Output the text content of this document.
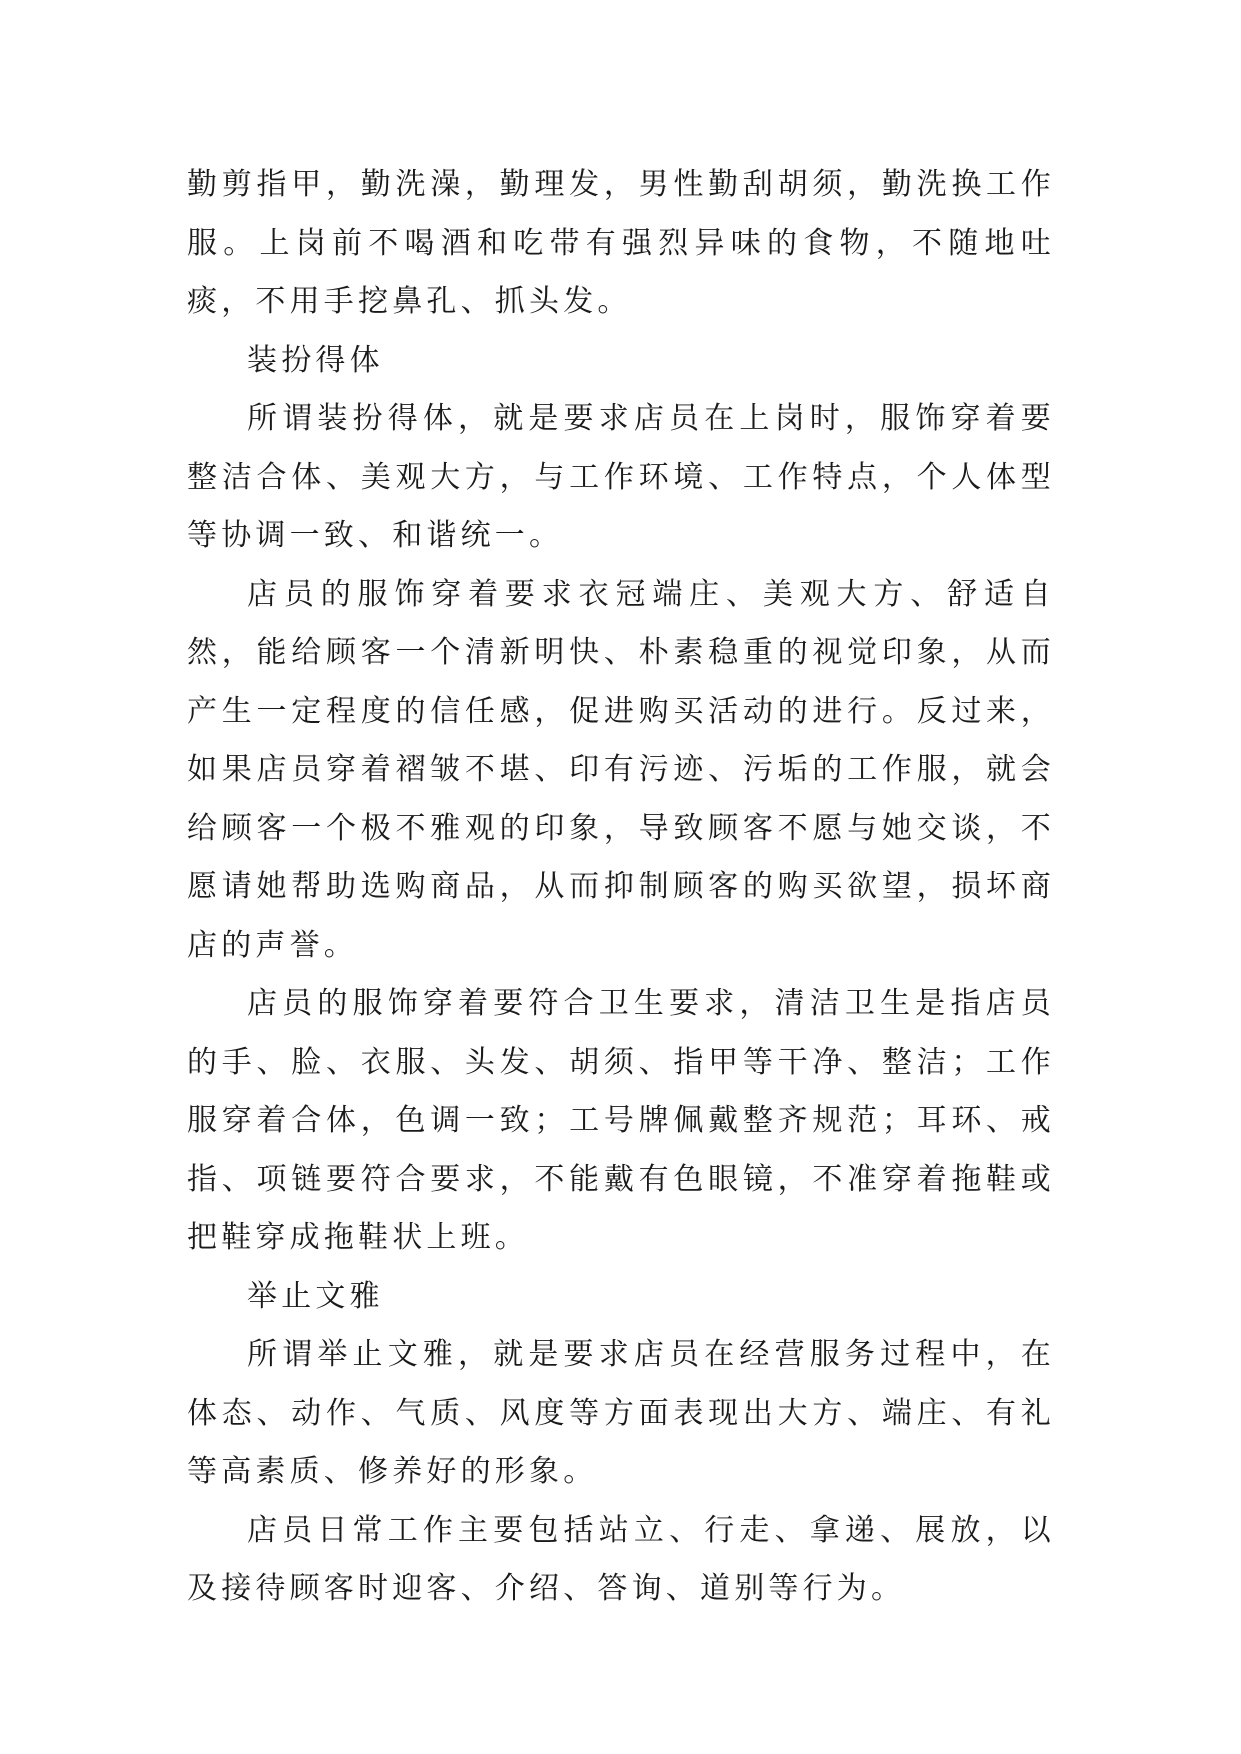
勤剪指甲，勤洗澡，勤理发，男性勤刮胡须，勤洗换工作服。上岗前不喝酒和吃带有强烈异味的食物，不随地吐痰，不用手挖鼻孔、抓头发。

装扮得体

所谓装扮得体，就是要求店员在上岗时，服饰穿着要整洁合体、美观大方，与工作环境、工作特点，个人体型等协调一致、和谐统一。

店员的服饰穿着要求衣冠端庄、美观大方、舒适自然，能给顾客一个清新明快、朴素稳重的视觉印象，从而产生一定程度的信任感，促进购买活动的进行。反过来，如果店员穿着褶皱不堪、印有污迹、污垢的工作服，就会给顾客一个极不雅观的印象，导致顾客不愿与她交谈，不愿请她帮助选购商品，从而抑制顾客的购买欲望，损坏商店的声誉。

店员的服饰穿着要符合卫生要求，清洁卫生是指店员的手、脸、衣服、头发、胡须、指甲等干净、整洁；工作服穿着合体，色调一致；工号牌佩戴整齐规范；耳环、戒指、项链要符合要求，不能戴有色眼镜，不准穿着拖鞋或把鞋穿成拖鞋状上班。

举止文雅

所谓举止文雅，就是要求店员在经营服务过程中，在体态、动作、气质、风度等方面表现出大方、端庄、有礼等高素质、修养好的形象。

店员日常工作主要包括站立、行走、拿递、展放，以及接待顾客时迎客、介绍、答询、道别等行为。
